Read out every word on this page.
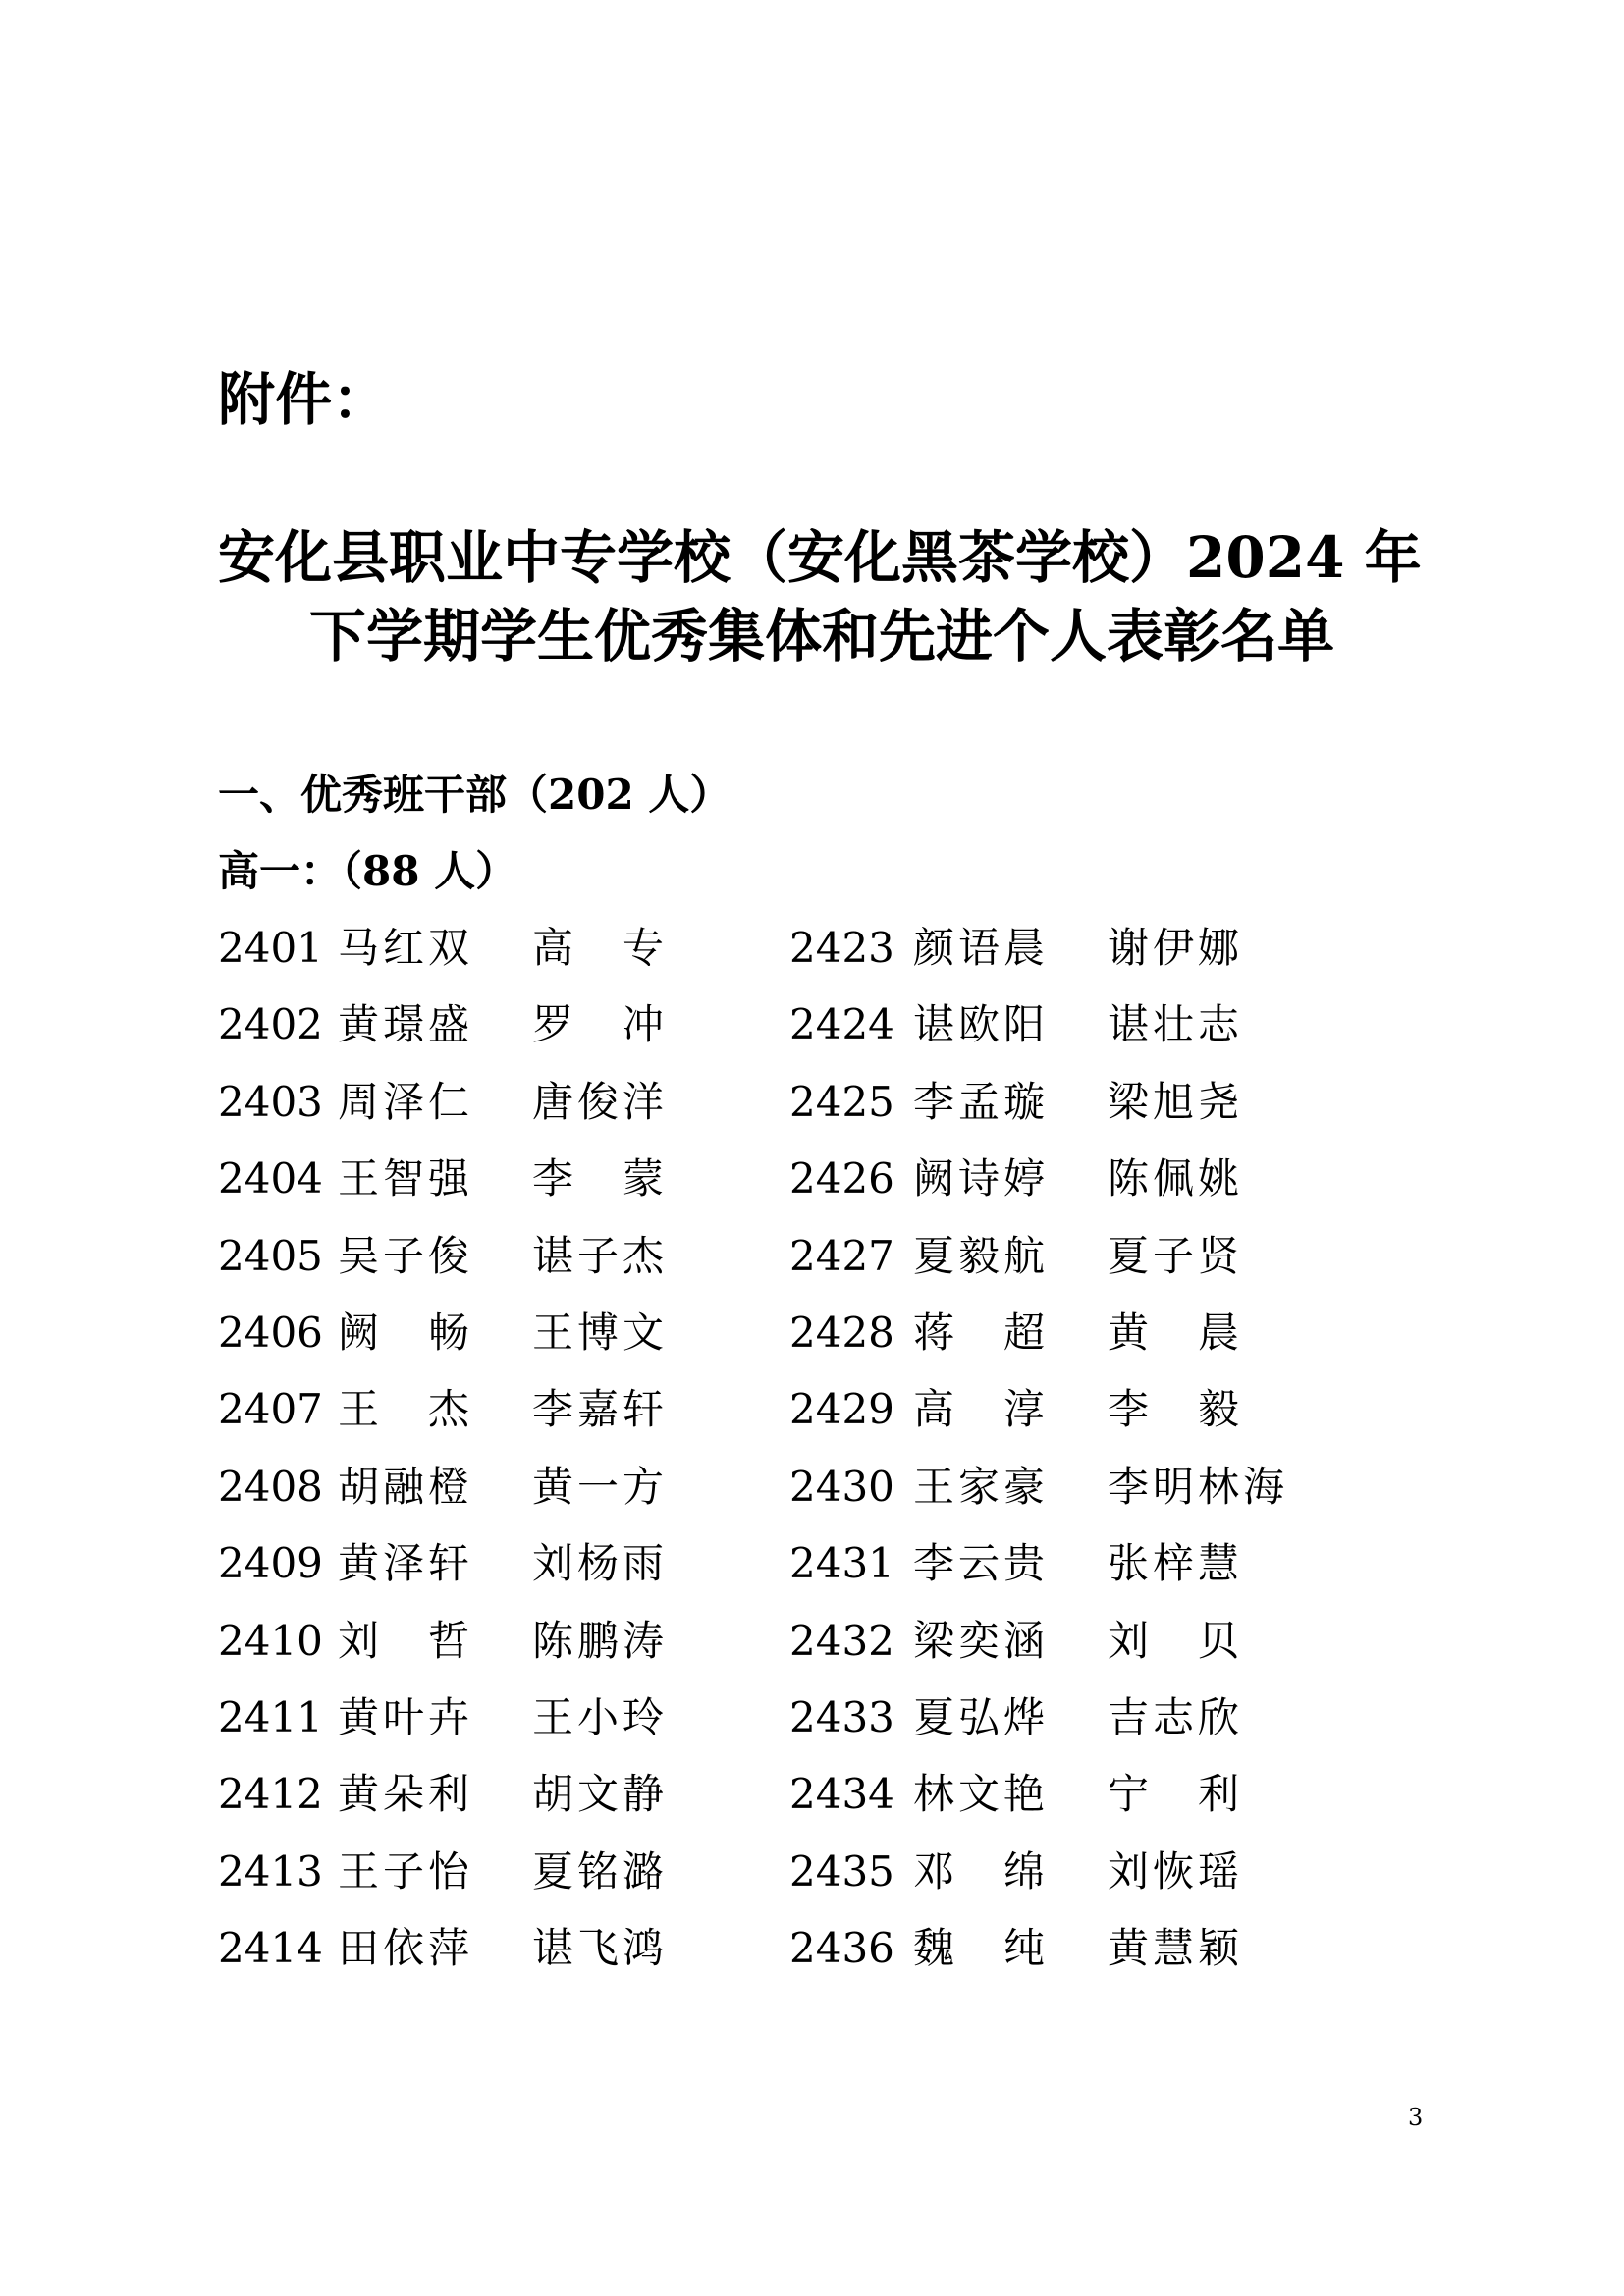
附件：
安化县职业中专学校（安化黑茶学校）2024 年
下学期学生优秀集体和先进个人表彰名单
一、优秀班干部（202 人）
高一：（88 人）
2401 马红双 高　专	2423 颜语晨 谢伊娜
2402 黄璟盛 罗　冲	2424 谌欧阳 谌壮志
2403 周泽仁 唐俊洋	2425 李孟璇 梁旭尧
2404 王智强 李　蒙	2426 阙诗婷 陈佩姚
2405 吴子俊 谌子杰	2427 夏毅航 夏子贤
2406 阙　畅 王博文	2428 蒋　超 黄　晨
2407 王　杰 李嘉轩	2429 高　淳 李　毅
2408 胡融橙 黄一方	2430 王家豪 李明林海
2409 黄泽轩 刘杨雨	2431 李云贵 张梓慧
2410 刘　哲 陈鹏涛	2432 梁奕涵 刘　贝
2411 黄叶卉 王小玲	2433 夏弘烨 吉志欣
2412 黄朵利 胡文静	2434 林文艳 宁　利
2413 王子怡 夏铭潞	2435 邓　绵 刘恢瑶
2414 田依萍 谌飞鸿	2436 魏　纯 黄慧颖
3
